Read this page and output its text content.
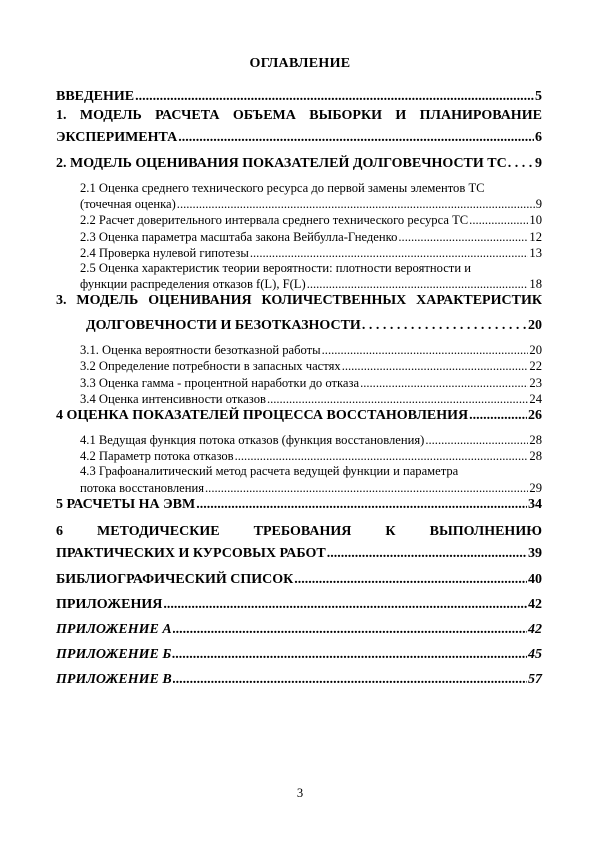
ОГЛАВЛЕНИЕ
ВВЕДЕНИЕ .....	5
1. МОДЕЛЬ РАСЧЕТА ОБЪЕМА ВЫБОРКИ И ПЛАНИРОВАНИЕ
ЭКСПЕРИМЕНТА .....	6
2. МОДЕЛЬ ОЦЕНИВАНИЯ ПОКАЗАТЕЛЕЙ ДОЛГОВЕЧНОСТИ ТС . . . 9
2.1 Оценка среднего технического ресурса до первой замены элементов ТС
(точечная оценка) .....	9
2.2 Расчет доверительного интервала среднего технического ресурса ТС .....	10
2.3 Оценка параметра масштаба закона Вейбулла-Гнеденко .....	12
2.4 Проверка нулевой гипотезы .....	13
2.5 Оценка характеристик теории вероятности: плотности вероятности и
функции распределения отказов f(L), F(L) .....	18
3. МОДЕЛЬ ОЦЕНИВАНИЯ КОЛИЧЕСТВЕННЫХ ХАРАКТЕРИСТИК
ДОЛГОВЕЧНОСТИ И БЕЗОТКАЗНОСТИ . . .	20
3.1. Оценка вероятности безотказной работы .....	20
3.2 Определение потребности в запасных частях .....	22
3.3 Оценка гамма - процентной наработки до отказа .....	23
3.4 Оценка интенсивности отказов .....	24
4 ОЦЕНКА ПОКАЗАТЕЛЕЙ ПРОЦЕССА ВОССТАНОВЛЕНИЯ .....	26
4.1 Ведущая функция потока отказов (функция восстановления) .....	28
4.2 Параметр потока отказов .....	28
4.3 Графоаналитический метод расчета ведущей функции и параметра
потока восстановления .....	29
5 РАСЧЕТЫ НА ЭВМ .....	34
6 МЕТОДИЧЕСКИЕ ТРЕБОВАНИЯ К ВЫПОЛНЕНИЮ
ПРАКТИЧЕСКИХ И КУРСОВЫХ РАБОТ .....	39
БИБЛИОГРАФИЧЕСКИЙ СПИСОК .....	40
ПРИЛОЖЕНИЯ .....	42
ПРИЛОЖЕНИЕ А .....	42
ПРИЛОЖЕНИЕ Б .....	45
ПРИЛОЖЕНИЕ В .....	57
3
